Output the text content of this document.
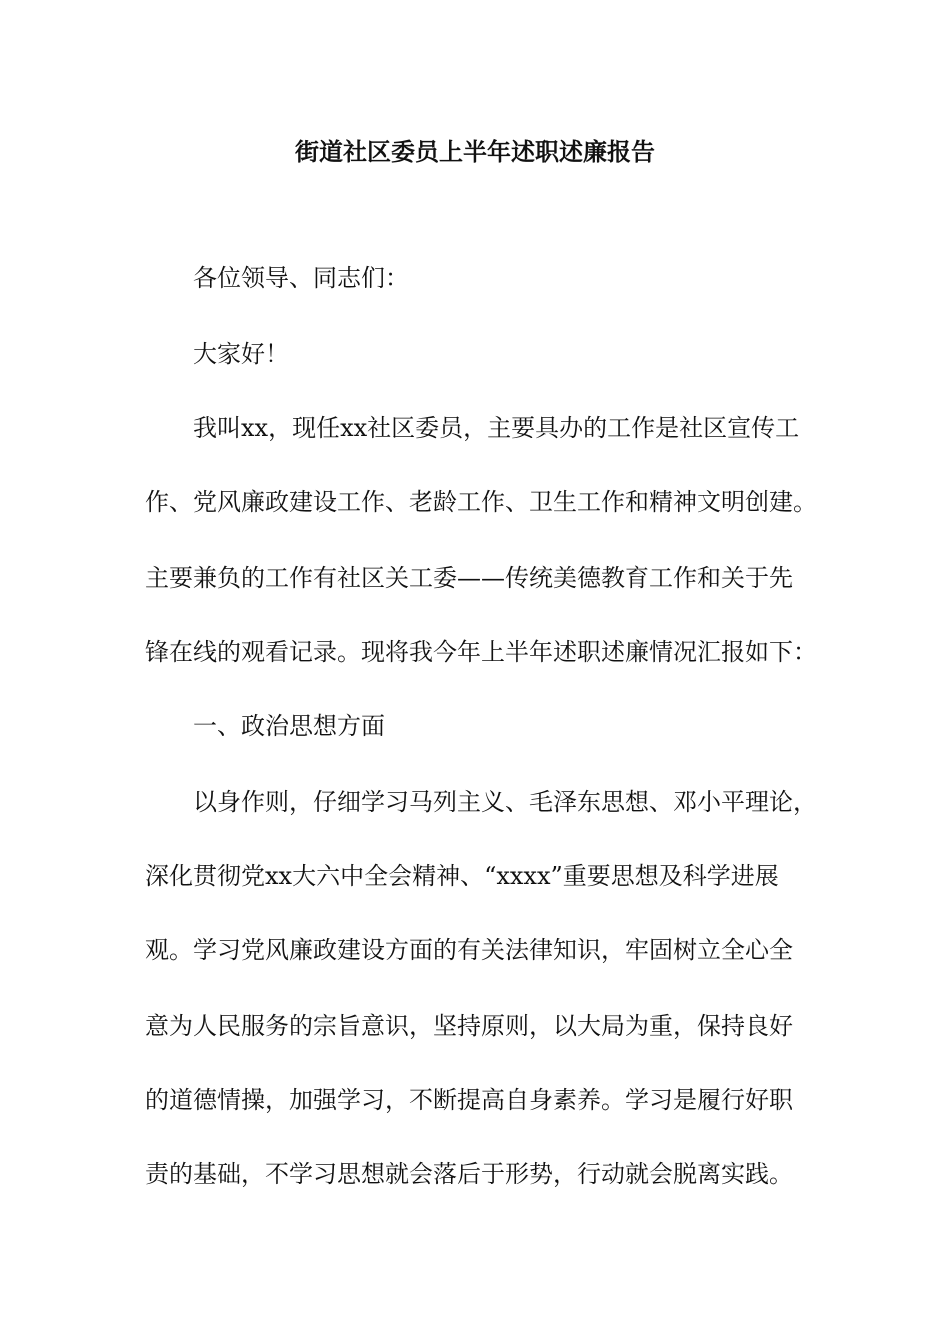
街道社区委员上半年述职述廉报告
各位领导、同志们：
大家好！
我叫xx，现任xx社区委员，主要具办的工作是社区宣传工
作、党风廉政建设工作、老龄工作、卫生工作和精神文明创建。
主要兼负的工作有社区关工委——传统美德教育工作和关于先
锋在线的观看记录。现将我今年上半年述职述廉情况汇报如下：
一、政治思想方面
以身作则，仔细学习马列主义、毛泽东思想、邓小平理论，
深化贯彻党xx大六中全会精神、“xxxx”重要思想及科学进展
观。学习党风廉政建设方面的有关法律知识，牢固树立全心全
意为人民服务的宗旨意识，坚持原则，以大局为重，保持良好
的道德情操，加强学习，不断提高自身素养。学习是履行好职
责的基础，不学习思想就会落后于形势，行动就会脱离实践。
